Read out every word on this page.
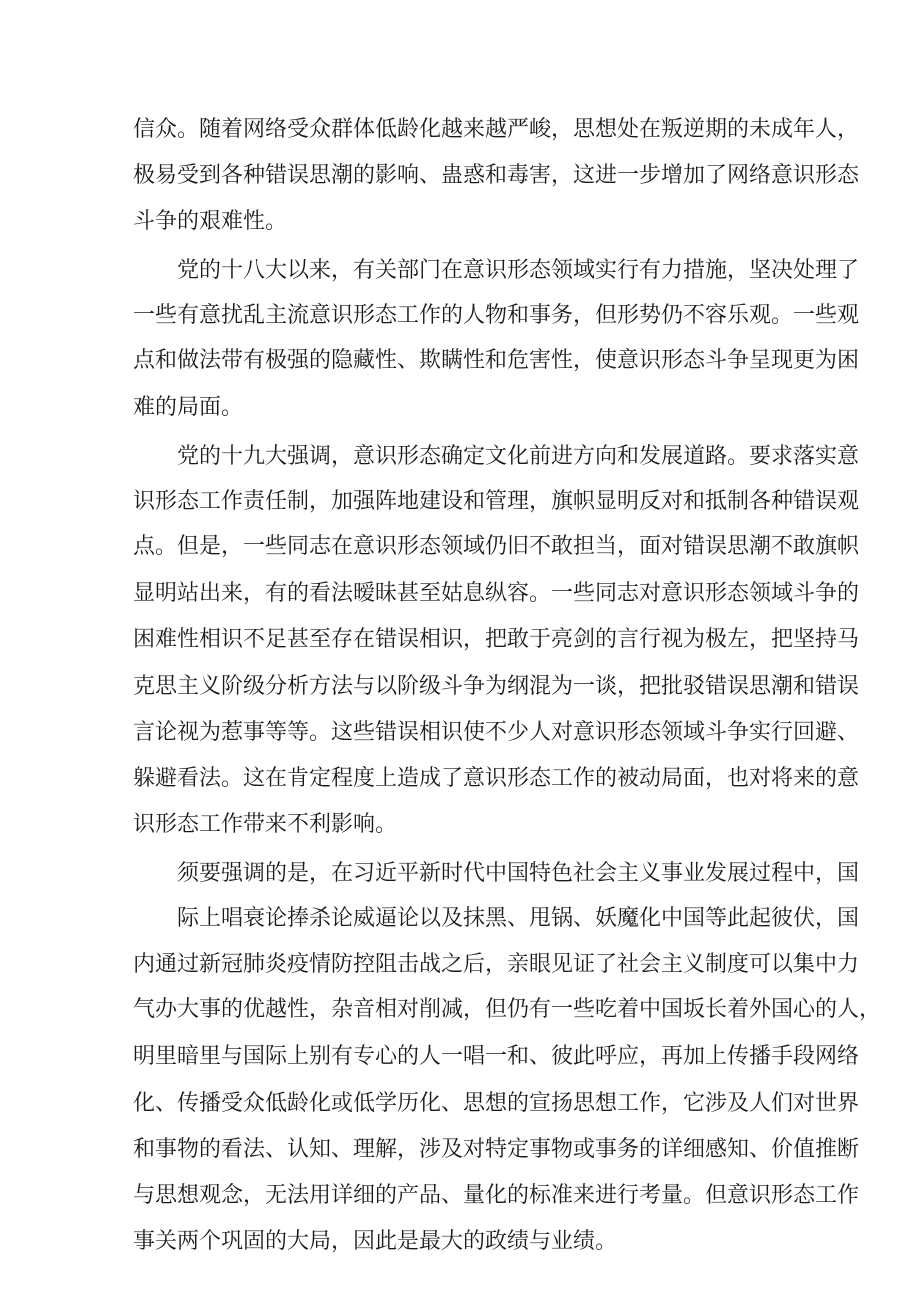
信众。随着网络受众群体低龄化越来越严峻，思想处在叛逆期的未成年人，
极易受到各种错误思潮的影响、蛊惑和毒害，这进一步增加了网络意识形态
斗争的艰难性。
党的十八大以来，有关部门在意识形态领域实行有力措施，坚决处理了
一些有意扰乱主流意识形态工作的人物和事务，但形势仍不容乐观。一些观
点和做法带有极强的隐藏性、欺瞒性和危害性，使意识形态斗争呈现更为困
难的局面。
党的十九大强调，意识形态确定文化前进方向和发展道路。要求落实意
识形态工作责任制，加强阵地建设和管理，旗帜显明反对和抵制各种错误观
点。但是，一些同志在意识形态领域仍旧不敢担当，面对错误思潮不敢旗帜
显明站出来，有的看法暧昧甚至姑息纵容。一些同志对意识形态领域斗争的
困难性相识不足甚至存在错误相识，把敢于亮剑的言行视为极左，把坚持马
克思主义阶级分析方法与以阶级斗争为纲混为一谈，把批驳错误思潮和错误
言论视为惹事等等。这些错误相识使不少人对意识形态领域斗争实行回避、
躲避看法。这在肯定程度上造成了意识形态工作的被动局面，也对将来的意
识形态工作带来不利影响。
须要强调的是，在习近平新时代中国特色社会主义事业发展过程中，国
际上唱衰论捧杀论威逼论以及抹黑、甩锅、妖魔化中国等此起彼伏，国
内通过新冠肺炎疫情防控阻击战之后，亲眼见证了社会主义制度可以集中力
气办大事的优越性，杂音相对削减，但仍有一些吃着中国坂长着外国心的人，
明里暗里与国际上别有专心的人一唱一和、彼此呼应，再加上传播手段网络
化、传播受众低龄化或低学历化、思想的宣扬思想工作，它涉及人们对世界
和事物的看法、认知、理解，涉及对特定事物或事务的详细感知、价值推断
与思想观念，无法用详细的产品、量化的标准来进行考量。但意识形态工作
事关两个巩固的大局，因此是最大的政绩与业绩。
